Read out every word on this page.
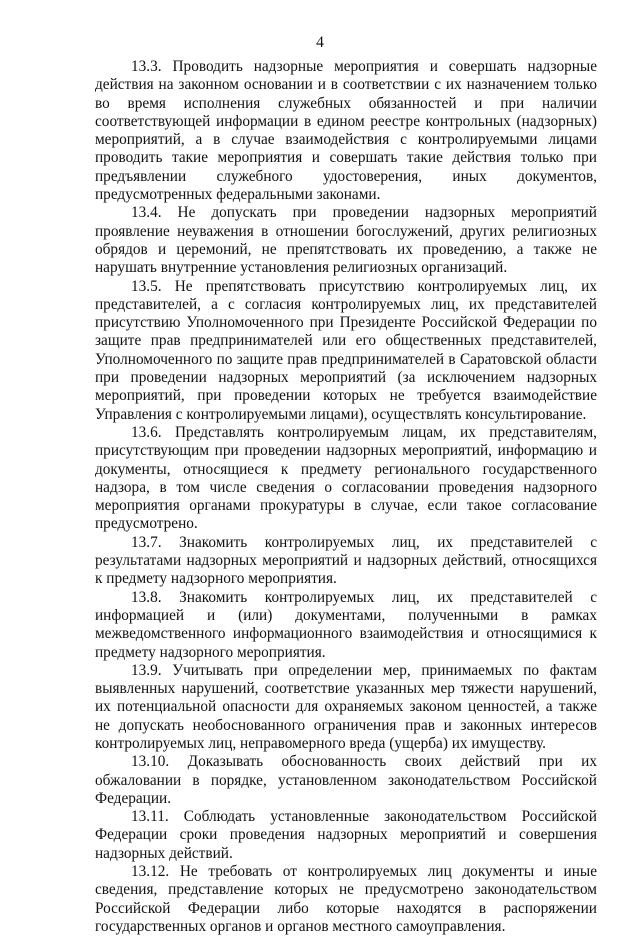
4

13.3. Проводить надзорные мероприятия и совершать надзорные действия на законном основании и в соответствии с их назначением только во время исполнения служебных обязанностей и при наличии соответствующей информации в едином реестре контрольных (надзорных) мероприятий, а в случае взаимодействия с контролируемыми лицами проводить такие мероприятия и совершать такие действия только при предъявлении служебного удостоверения, иных документов, предусмотренных федеральными законами.

13.4. Не допускать при проведении надзорных мероприятий проявление неуважения в отношении богослужений, других религиозных обрядов и церемоний, не препятствовать их проведению, а также не нарушать внутренние установления религиозных организаций.

13.5. Не препятствовать присутствию контролируемых лиц, их представителей, а с согласия контролируемых лиц, их представителей присутствию Уполномоченного при Президенте Российской Федерации по защите прав предпринимателей или его общественных представителей, Уполномоченного по защите прав предпринимателей в Саратовской области при проведении надзорных мероприятий (за исключением надзорных мероприятий, при проведении которых не требуется взаимодействие Управления с контролируемыми лицами), осуществлять консультирование.

13.6. Представлять контролируемым лицам, их представителям, присутствующим при проведении надзорных мероприятий, информацию и документы, относящиеся к предмету регионального государственного надзора, в том числе сведения о согласовании проведения надзорного мероприятия органами прокуратуры в случае, если такое согласование предусмотрено.

13.7. Знакомить контролируемых лиц, их представителей с результатами надзорных мероприятий и надзорных действий, относящихся к предмету надзорного мероприятия.

13.8. Знакомить контролируемых лиц, их представителей с информацией и (или) документами, полученными в рамках межведомственного информационного взаимодействия и относящимися к предмету надзорного мероприятия.

13.9. Учитывать при определении мер, принимаемых по фактам выявленных нарушений, соответствие указанных мер тяжести нарушений, их потенциальной опасности для охраняемых законом ценностей, а также не допускать необоснованного ограничения прав и законных интересов контролируемых лиц, неправомерного вреда (ущерба) их имуществу.

13.10. Доказывать обоснованность своих действий при их обжаловании в порядке, установленном законодательством Российской Федерации.

13.11. Соблюдать установленные законодательством Российской Федерации сроки проведения надзорных мероприятий и совершения надзорных действий.

13.12. Не требовать от контролируемых лиц документы и иные сведения, представление которых не предусмотрено законодательством Российской Федерации либо которые находятся в распоряжении государственных органов и органов местного самоуправления.
